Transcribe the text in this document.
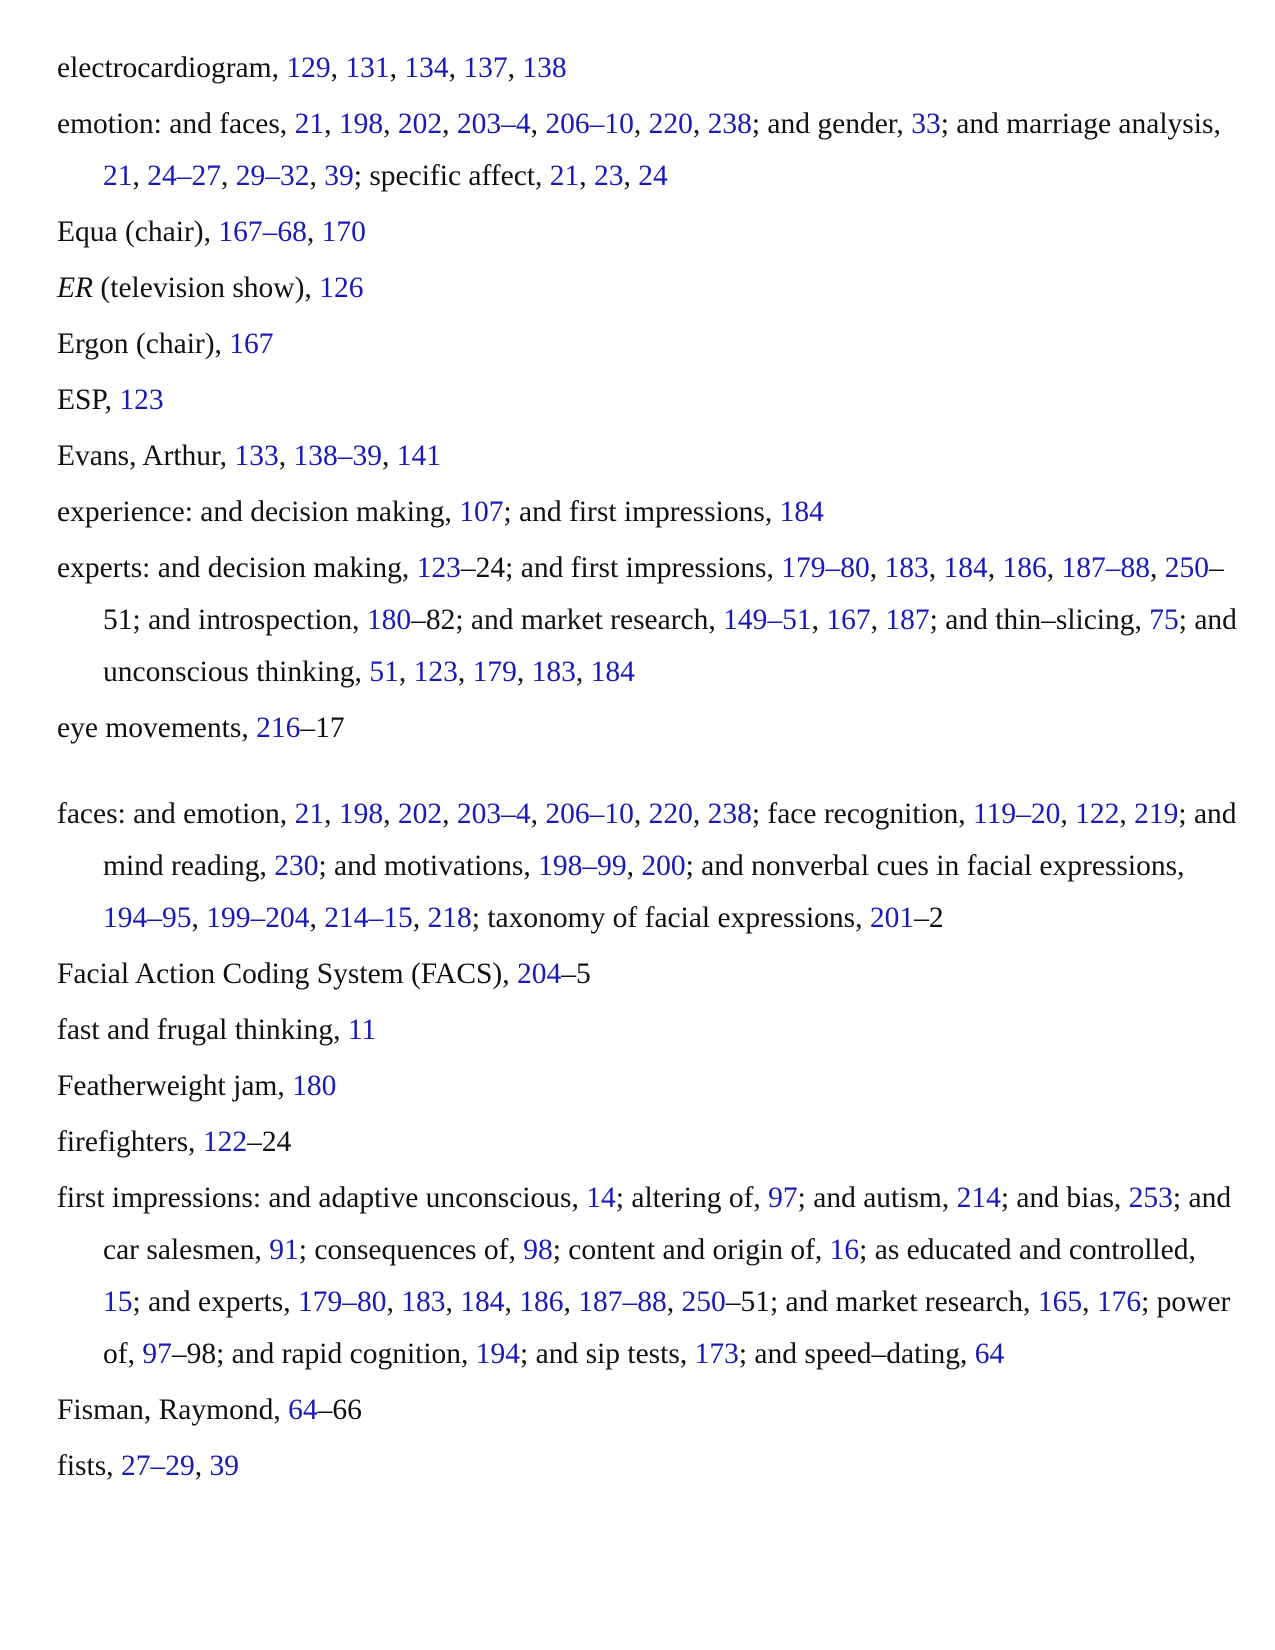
electrocardiogram, 129, 131, 134, 137, 138

emotion: and faces, 21, 198, 202, 203–4, 206–10, 220, 238; and gender, 33; and marriage analysis, 21, 24–27, 29–32, 39; specific affect, 21, 23, 24

Equa (chair), 167–68, 170

ER (television show), 126

Ergon (chair), 167

ESP, 123

Evans, Arthur, 133, 138–39, 141

experience: and decision making, 107; and first impressions, 184

experts: and decision making, 123–24; and first impressions, 179–80, 183, 184, 186, 187–88, 250–51; and introspection, 180–82; and market research, 149–51, 167, 187; and thin–slicing, 75; and unconscious thinking, 51, 123, 179, 183, 184

eye movements, 216–17

faces: and emotion, 21, 198, 202, 203–4, 206–10, 220, 238; face recognition, 119–20, 122, 219; and mind reading, 230; and motivations, 198–99, 200; and nonverbal cues in facial expressions, 194–95, 199–204, 214–15, 218; taxonomy of facial expressions, 201–2

Facial Action Coding System (FACS), 204–5

fast and frugal thinking, 11

Featherweight jam, 180

firefighters, 122–24

first impressions: and adaptive unconscious, 14; altering of, 97; and autism, 214; and bias, 253; and car salesmen, 91; consequences of, 98; content and origin of, 16; as educated and controlled, 15; and experts, 179–80, 183, 184, 186, 187–88, 250–51; and market research, 165, 176; power of, 97–98; and rapid cognition, 194; and sip tests, 173; and speed–dating, 64

Fisman, Raymond, 64–66

fists, 27–29, 39
